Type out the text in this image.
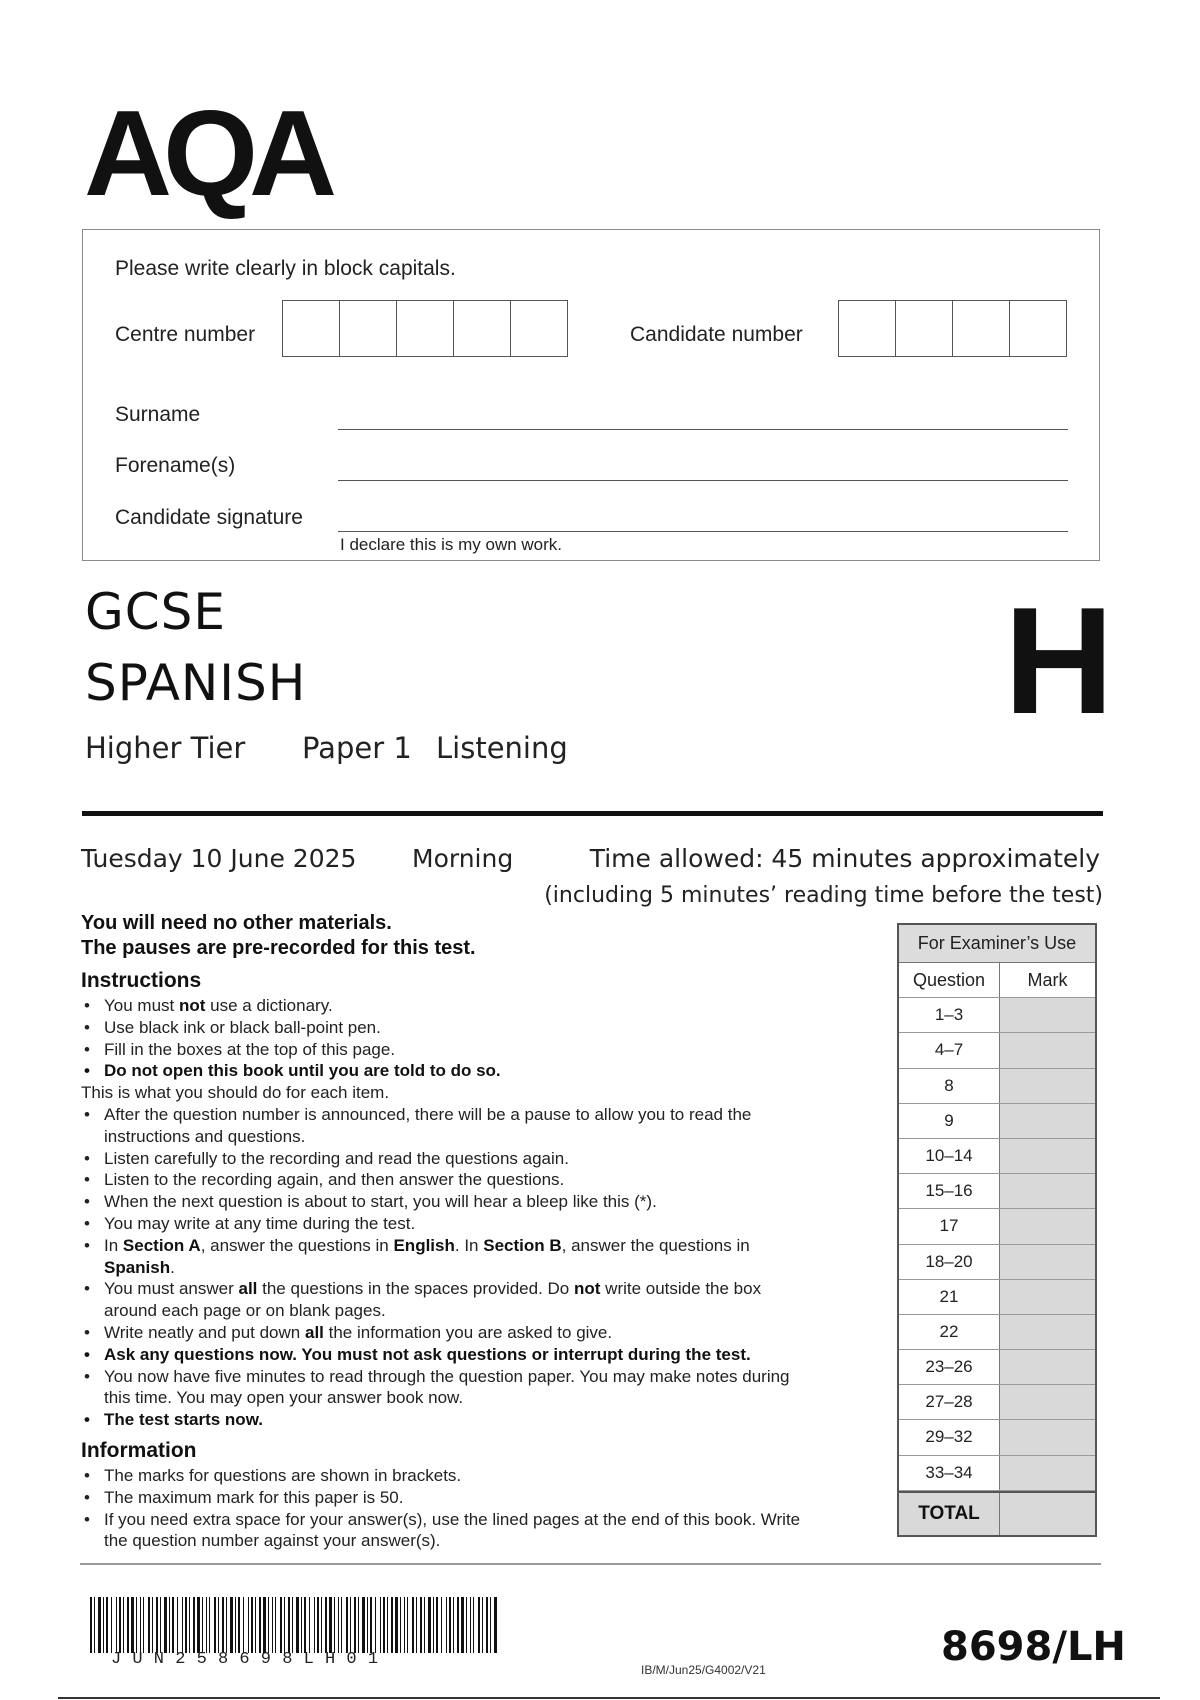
AQA
Please write clearly in block capitals.
Centre number	Candidate number
Surname
Forename(s)
Candidate signature
I declare this is my own work.
GCSE
SPANISH	H
Higher Tier Paper 1 Listening
Tuesday 10 June 2025 Morning	Time allowed: 45 minutes approximately
(including 5 minutes’ reading time before the test)
You will need no other materials.
The pauses are pre-recorded for this test.
Instructions
• You must not use a dictionary.
• Use black ink or black ball-point pen.
• Fill in the boxes at the top of this page.
• Do not open this book until you are told to do so.
This is what you should do for each item.
• After the question number is announced, there will be a pause to allow you to read the instructions and questions.
• Listen carefully to the recording and read the questions again.
• Listen to the recording again, and then answer the questions.
• When the next question is about to start, you will hear a bleep like this (*).
• You may write at any time during the test.
• In Section A, answer the questions in English. In Section B, answer the questions in Spanish.
• You must answer all the questions in the spaces provided. Do not write outside the box around each page or on blank pages.
• Write neatly and put down all the information you are asked to give.
• Ask any questions now. You must not ask questions or interrupt during the test.
• You now have five minutes to read through the question paper. You may make notes during this time. You may open your answer book now.
• The test starts now.
Information
• The marks for questions are shown in brackets.
• The maximum mark for this paper is 50.
• If you need extra space for your answer(s), use the lined pages at the end of this book. Write the question number against your answer(s).
For Examiner’s Use
Question	Mark
1–3
4–7
8
9
10–14
15–16
17
18–20
21
22
23–26
27–28
29–32
33–34
TOTAL
JUN258698LH01
IB/M/Jun25/G4002/V21	8698/LH
